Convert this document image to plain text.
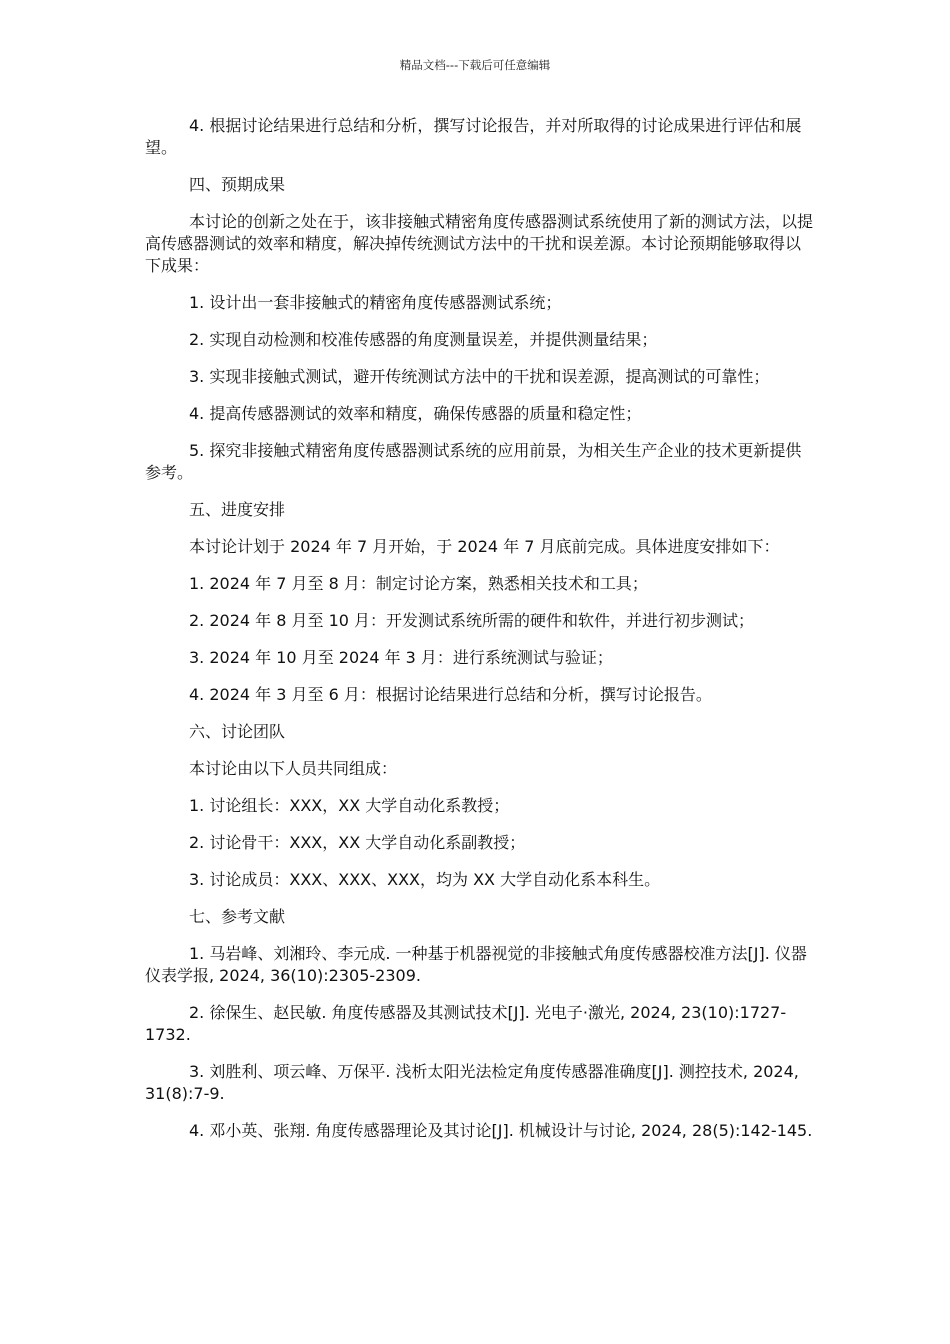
精品文档---下载后可任意编辑

4. 根据讨论结果进行总结和分析，撰写讨论报告，并对所取得的讨论成果进行评估和展望。

四、预期成果

本讨论的创新之处在于，该非接触式精密角度传感器测试系统使用了新的测试方法，以提高传感器测试的效率和精度，解决掉传统测试方法中的干扰和误差源。本讨论预期能够取得以下成果：

1. 设计出一套非接触式的精密角度传感器测试系统；

2. 实现自动检测和校准传感器的角度测量误差，并提供测量结果；

3. 实现非接触式测试，避开传统测试方法中的干扰和误差源，提高测试的可靠性；

4. 提高传感器测试的效率和精度，确保传感器的质量和稳定性；

5. 探究非接触式精密角度传感器测试系统的应用前景，为相关生产企业的技术更新提供参考。

五、进度安排

本讨论计划于 2024 年 7 月开始，于 2024 年 7 月底前完成。具体进度安排如下：

1. 2024 年 7 月至 8 月：制定讨论方案，熟悉相关技术和工具；

2. 2024 年 8 月至 10 月：开发测试系统所需的硬件和软件，并进行初步测试；

3. 2024 年 10 月至 2024 年 3 月：进行系统测试与验证；

4. 2024 年 3 月至 6 月：根据讨论结果进行总结和分析，撰写讨论报告。

六、讨论团队

本讨论由以下人员共同组成：

1. 讨论组长：XXX，XX 大学自动化系教授；

2. 讨论骨干：XXX，XX 大学自动化系副教授；

3. 讨论成员：XXX、XXX、XXX，均为 XX 大学自动化系本科生。

七、参考文献

1. 马岩峰、刘湘玲、李元成. 一种基于机器视觉的非接触式角度传感器校准方法[J]. 仪器仪表学报, 2024, 36(10):2305-2309.

2. 徐保生、赵民敏. 角度传感器及其测试技术[J]. 光电子·激光, 2024, 23(10):1727-1732.

3. 刘胜利、项云峰、万保平. 浅析太阳光法检定角度传感器准确度[J]. 测控技术, 2024, 31(8):7-9.

4. 邓小英、张翔. 角度传感器理论及其讨论[J]. 机械设计与讨论, 2024, 28(5):142-145.
